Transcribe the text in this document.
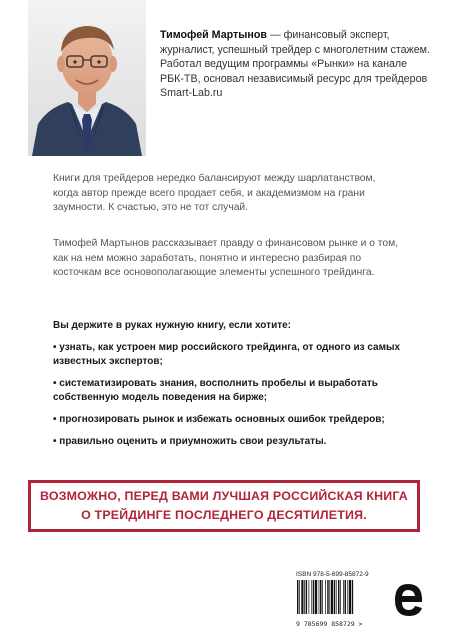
Тимофей Мартынов — финансовый эксперт, журналист, успешный трейдер с многолетним стажем. Работал ведущим программы «Рынки» на канале РБК-ТВ, основал независимый ресурс для трейдеров Smart-Lab.ru

Книги для трейдеров нередко балансируют между шарлатанством, когда автор прежде всего продает себя, и академизмом на грани заумности. К счастью, это не тот случай.

Тимофей Мартынов рассказывает правду о финансовом рынке и о том, как на нем можно заработать, понятно и интересно разбирая по косточкам все основополагающие элементы успешного трейдинга.

Вы держите в руках нужную книгу, если хотите:

• узнать, как устроен мир российского трейдинга, от одного из самых известных экспертов;
• систематизировать знания, восполнить пробелы и выработать собственную модель поведения на бирже;
• прогнозировать рынок и избежать основных ошибок трейдеров;
• правильно оценить и приумножить свои результаты.
ВОЗМОЖНО, ПЕРЕД ВАМИ ЛУЧШАЯ РОССИЙСКАЯ КНИГА
О ТРЕЙДИНГЕ ПОСЛЕДНЕГО ДЕСЯТИЛЕТИЯ.
ISBN 978-5-699-85872-9
9 785699 858729 >
